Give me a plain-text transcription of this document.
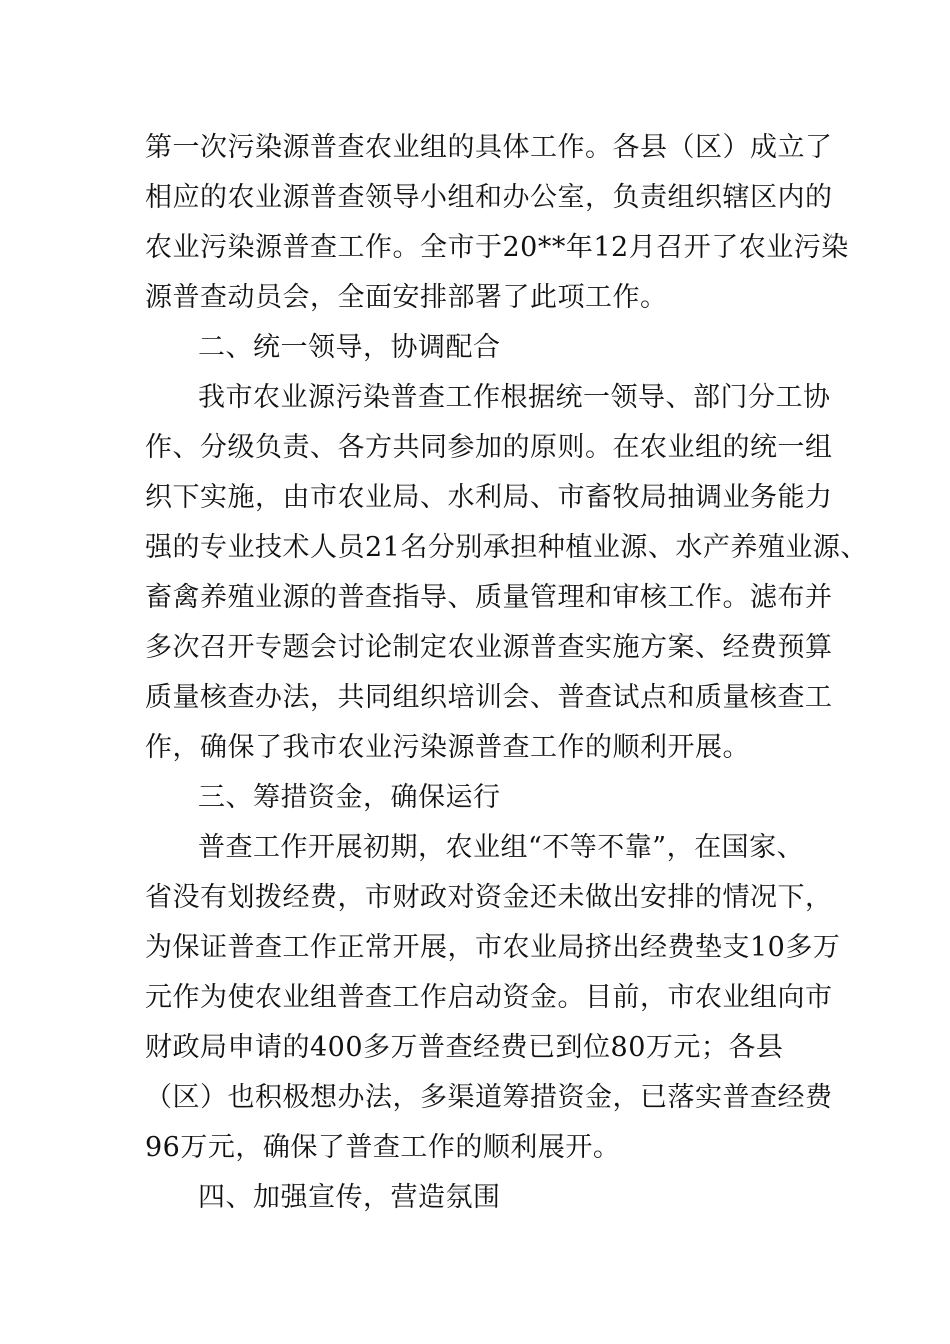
第一次污染源普查农业组的具体工作。各县（区）成立了
相应的农业源普查领导小组和办公室，负责组织辖区内的
农业污染源普查工作。全市于20**年12月召开了农业污染
源普查动员会，全面安排部署了此项工作。
二、统一领导，协调配合
我市农业源污染普查工作根据统一领导、部门分工协
作、分级负责、各方共同参加的原则。在农业组的统一组
织下实施，由市农业局、水利局、市畜牧局抽调业务能力
强的专业技术人员21名分别承担种植业源、水产养殖业源、
畜禽养殖业源的普查指导、质量管理和审核工作。滤布并
多次召开专题会讨论制定农业源普查实施方案、经费预算
质量核查办法，共同组织培训会、普查试点和质量核查工
作，确保了我市农业污染源普查工作的顺利开展。
三、筹措资金，确保运行
普查工作开展初期，农业组“不等不靠”，在国家、
省没有划拨经费，市财政对资金还未做出安排的情况下，
为保证普查工作正常开展，市农业局挤出经费垫支10多万
元作为使农业组普查工作启动资金。目前，市农业组向市
财政局申请的400多万普查经费已到位80万元；各县
（区）也积极想办法，多渠道筹措资金，已落实普查经费
96万元，确保了普查工作的顺利展开。
四、加强宣传，营造氛围
